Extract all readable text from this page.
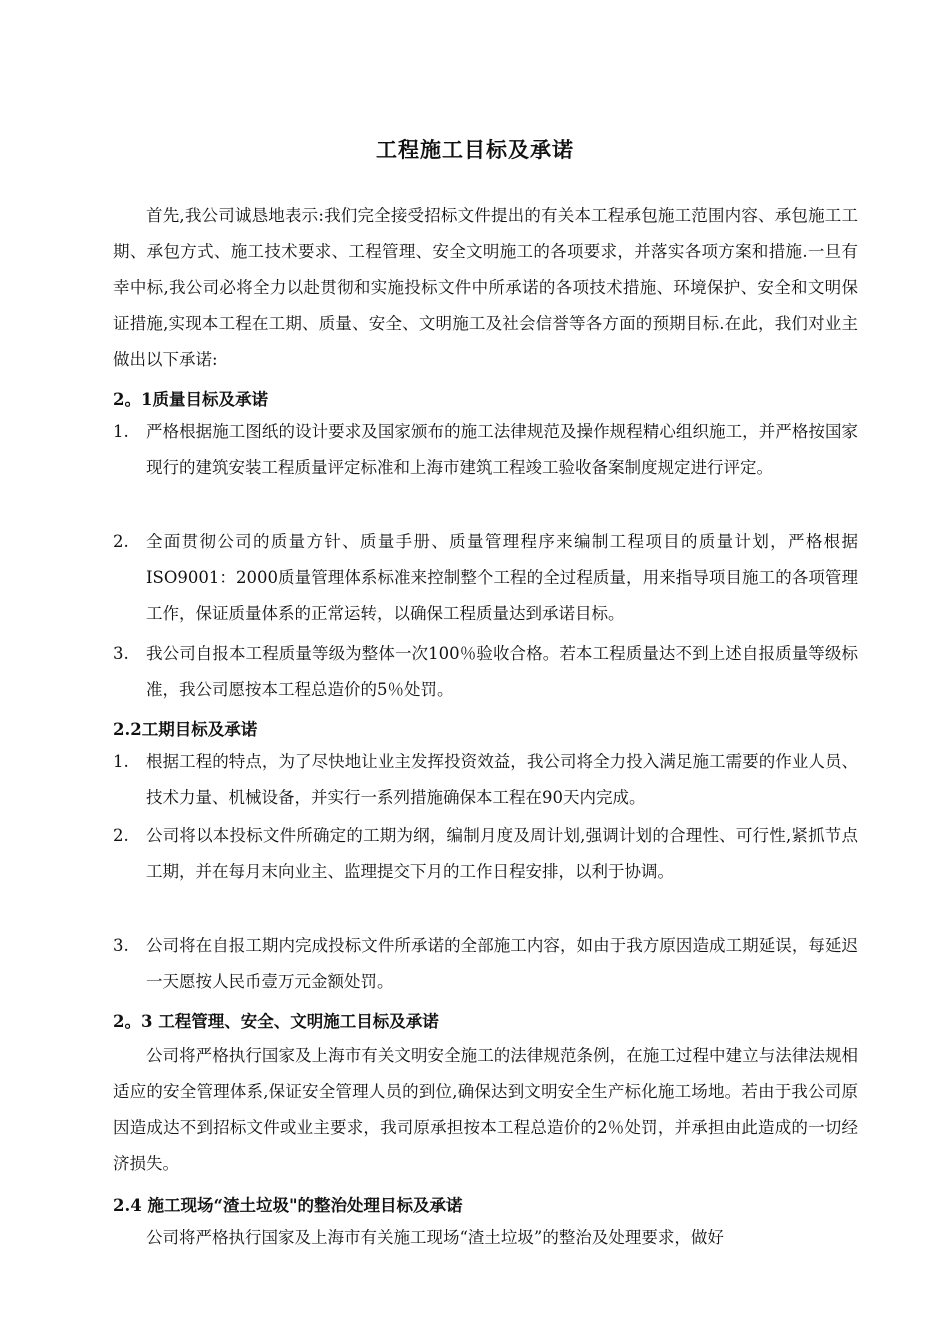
工程施工目标及承诺

首先,我公司诚恳地表示:我们完全接受招标文件提出的有关本工程承包施工范围内容、承包施工工期、承包方式、施工技术要求、工程管理、安全文明施工的各项要求，并落实各项方案和措施.一旦有幸中标,我公司必将全力以赴贯彻和实施投标文件中所承诺的各项技术措施、环境保护、安全和文明保证措施,实现本工程在工期、质量、安全、文明施工及社会信誉等各方面的预期目标.在此，我们对业主做出以下承诺:

2。1质量目标及承诺

1.	严格根据施工图纸的设计要求及国家颁布的施工法律规范及操作规程精心组织施工，并严格按国家现行的建筑安装工程质量评定标准和上海市建筑工程竣工验收备案制度规定进行评定。
2.	全面贯彻公司的质量方针、质量手册、质量管理程序来编制工程项目的质量计划，严格根据ISO9001：2000质量管理体系标准来控制整个工程的全过程质量，用来指导项目施工的各项管理工作，保证质量体系的正常运转，以确保工程质量达到承诺目标。
3.	我公司自报本工程质量等级为整体一次100％验收合格。若本工程质量达不到上述自报质量等级标准，我公司愿按本工程总造价的5％处罚。

2.2工期目标及承诺

1.	根据工程的特点，为了尽快地让业主发挥投资效益，我公司将全力投入满足施工需要的作业人员、技术力量、机械设备，并实行一系列措施确保本工程在90天内完成。
2.	公司将以本投标文件所确定的工期为纲，编制月度及周计划,强调计划的合理性、可行性,紧抓节点工期，并在每月末向业主、监理提交下月的工作日程安排，以利于协调。
3.	公司将在自报工期内完成投标文件所承诺的全部施工内容，如由于我方原因造成工期延误，每延迟一天愿按人民币壹万元金额处罚。

2。3 工程管理、安全、文明施工目标及承诺

公司将严格执行国家及上海市有关文明安全施工的法律规范条例，在施工过程中建立与法律法规相适应的安全管理体系,保证安全管理人员的到位,确保达到文明安全生产标化施工场地。若由于我公司原因造成达不到招标文件或业主要求，我司原承担按本工程总造价的2％处罚，并承担由此造成的一切经济损失。

2.4 施工现场“渣土垃圾"的整治处理目标及承诺

公司将严格执行国家及上海市有关施工现场“渣土垃圾”的整治及处理要求，做好
